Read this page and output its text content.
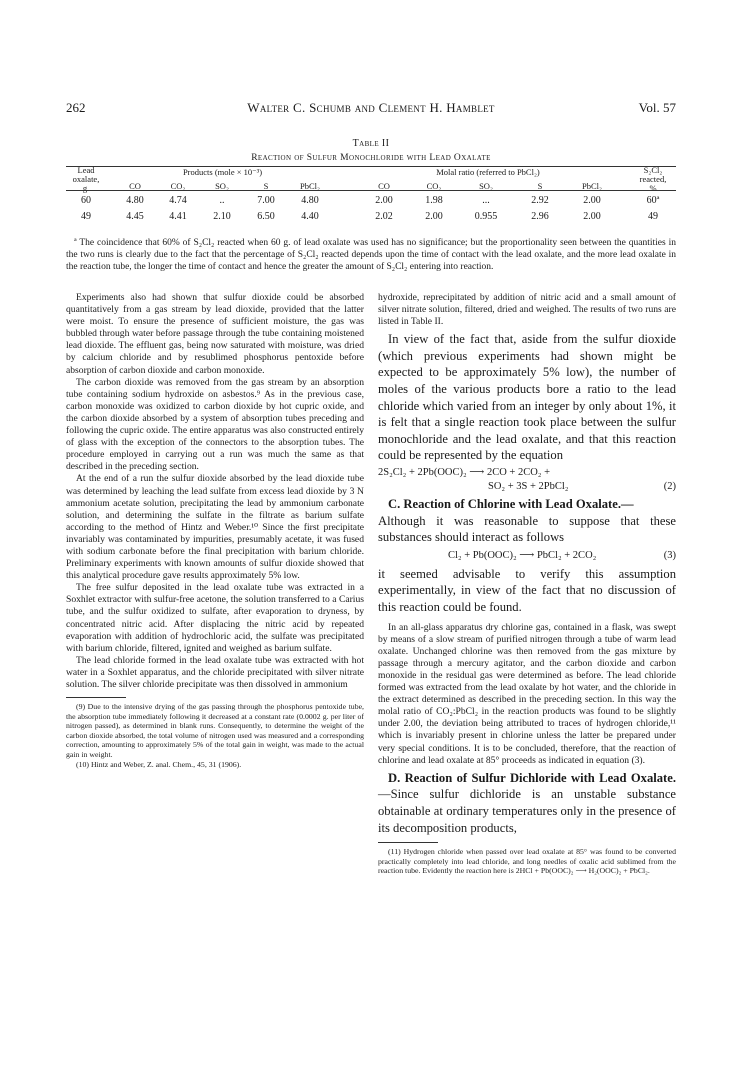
262	Walter C. Schumb and Clement H. Hamblet	Vol. 57
Table II
Reaction of Sulfur Monochloride with Lead Oxalate
Lead
oxalate,
g.
Products (mole × 10⁻³)	Molal ratio (referred to PbCl₂)	S₂Cl₂
reacted,
%
CO	CO₂	SO₂	S	PbCl₂	CO	CO₂	SO₂	S	PbCl₂
60	4.80	4.74	..	7.00	4.80	2.00	1.98	...	2.92	2.00	60ª
49	4.45	4.41	2.10	6.50	4.40	2.02	2.00	0.955	2.96	2.00	49
ª The coincidence that 60% of S₂Cl₂ reacted when 60 g. of lead oxalate was used has no significance; but the proportionality seen between the quantities in the two runs is clearly due to the fact that the percentage of S₂Cl₂ reacted depends upon the time of contact with the lead oxalate, and the more lead oxalate in the reaction tube, the longer the time of contact and hence the greater the amount of S₂Cl₂ entering into reaction.

Experiments also had shown that sulfur dioxide could be absorbed quantitatively from a gas stream by lead dioxide, provided that the latter were moist. To ensure the presence of sufficient moisture, the gas was bubbled through water before passage through the tube containing moistened lead dioxide. The effluent gas, being now saturated with moisture, was dried by calcium chloride and by resublimed phosphorus pentoxide before absorption of carbon dioxide and carbon monoxide.

The carbon dioxide was removed from the gas stream by an absorption tube containing sodium hydroxide on asbestos.⁹ As in the previous case, carbon monoxide was oxidized to carbon dioxide by hot cupric oxide, and the carbon dioxide absorbed by a system of absorption tubes preceding and following the cupric oxide. The entire apparatus was also constructed entirely of glass with the exception of the connectors to the absorption tubes. The procedure employed in carrying out a run was much the same as that described in the preceding section.

At the end of a run the sulfur dioxide absorbed by the lead dioxide tube was determined by leaching the lead sulfate from excess lead dioxide by 3 N ammonium acetate solution, precipitating the lead by ammonium carbonate solution, and determining the sulfate in the filtrate as barium sulfate according to the method of Hintz and Weber.¹⁰ Since the first precipitate invariably was contaminated by impurities, presumably acetate, it was fused with sodium carbonate before the final precipitation with barium chloride. Preliminary experiments with known amounts of sulfur dioxide showed that this analytical procedure gave results approximately 5% low.

The free sulfur deposited in the lead oxalate tube was extracted in a Soxhlet extractor with sulfur-free acetone, the solution transferred to a Carius tube, and the sulfur oxidized to sulfate, after evaporation to dryness, by concentrated nitric acid. After displacing the nitric acid by repeated evaporation with addition of hydrochloric acid, the sulfate was precipitated with barium chloride, filtered, ignited and weighed as barium sulfate.

The lead chloride formed in the lead oxalate tube was extracted with hot water in a Soxhlet apparatus, and the chloride precipitated with silver nitrate solution. The silver chloride precipitate was then dissolved in ammonium

(9) Due to the intensive drying of the gas passing through the phosphorus pentoxide tube, the absorption tube immediately following it decreased at a constant rate (0.0002 g. per liter of nitrogen passed), as determined in blank runs. Consequently, to determine the weight of the carbon dioxide absorbed, the total volume of nitrogen used was measured and a corresponding correction, amounting to approximately 5% of the total gain in weight, was made to the actual gain in weight.

(10) Hintz and Weber, Z. anal. Chem., 45, 31 (1906).

hydroxide, reprecipitated by addition of nitric acid and a small amount of silver nitrate solution, filtered, dried and weighed. The results of two runs are listed in Table II.

In view of the fact that, aside from the sulfur dioxide (which previous experiments had shown might be expected to be approximately 5% low), the number of moles of the various products bore a ratio to the lead chloride which varied from an integer by only about 1%, it is felt that a single reaction took place between the sulfur monochloride and the lead oxalate, and that this reaction could be represented by the equation

2S₂Cl₂ + 2Pb(OOC)₂ ⟶ 2CO + 2CO₂ +
SO₂ + 3S + 2PbCl₂	(2)
C. Reaction of Chlorine with Lead Oxalate.—

Although it was reasonable to suppose that these substances should interact as follows

Cl₂ + Pb(OOC)₂ ⟶ PbCl₂ + 2CO₂	(3)

it seemed advisable to verify this assumption experimentally, in view of the fact that no discussion of this reaction could be found.

In an all-glass apparatus dry chlorine gas, contained in a flask, was swept by means of a slow stream of purified nitrogen through a tube of warm lead oxalate. Unchanged chlorine was then removed from the gas mixture by passage through a mercury agitator, and the carbon dioxide and carbon monoxide in the residual gas were determined as before. The lead chloride formed was extracted from the lead oxalate by hot water, and the chloride in the extract determined as described in the preceding section. In this way the molal ratio of CO₂:PbCl₂ in the reaction products was found to be slightly under 2.00, the deviation being attributed to traces of hydrogen chloride,¹¹ which is invariably present in chlorine unless the latter be prepared under very special conditions. It is to be concluded, therefore, that the reaction of chlorine and lead oxalate at 85° proceeds as indicated in equation (3).

D. Reaction of Sulfur Dichloride with Lead Oxalate.—Since sulfur dichloride is an unstable substance obtainable at ordinary temperatures only in the presence of its decomposition products,

(11) Hydrogen chloride when passed over lead oxalate at 85° was found to be converted practically completely into lead chloride, and long needles of oxalic acid sublimed from the reaction tube. Evidently the reaction here is 2HCl + Pb(OOC)₂ ⟶ H₂(OOC)₂ + PbCl₂.
